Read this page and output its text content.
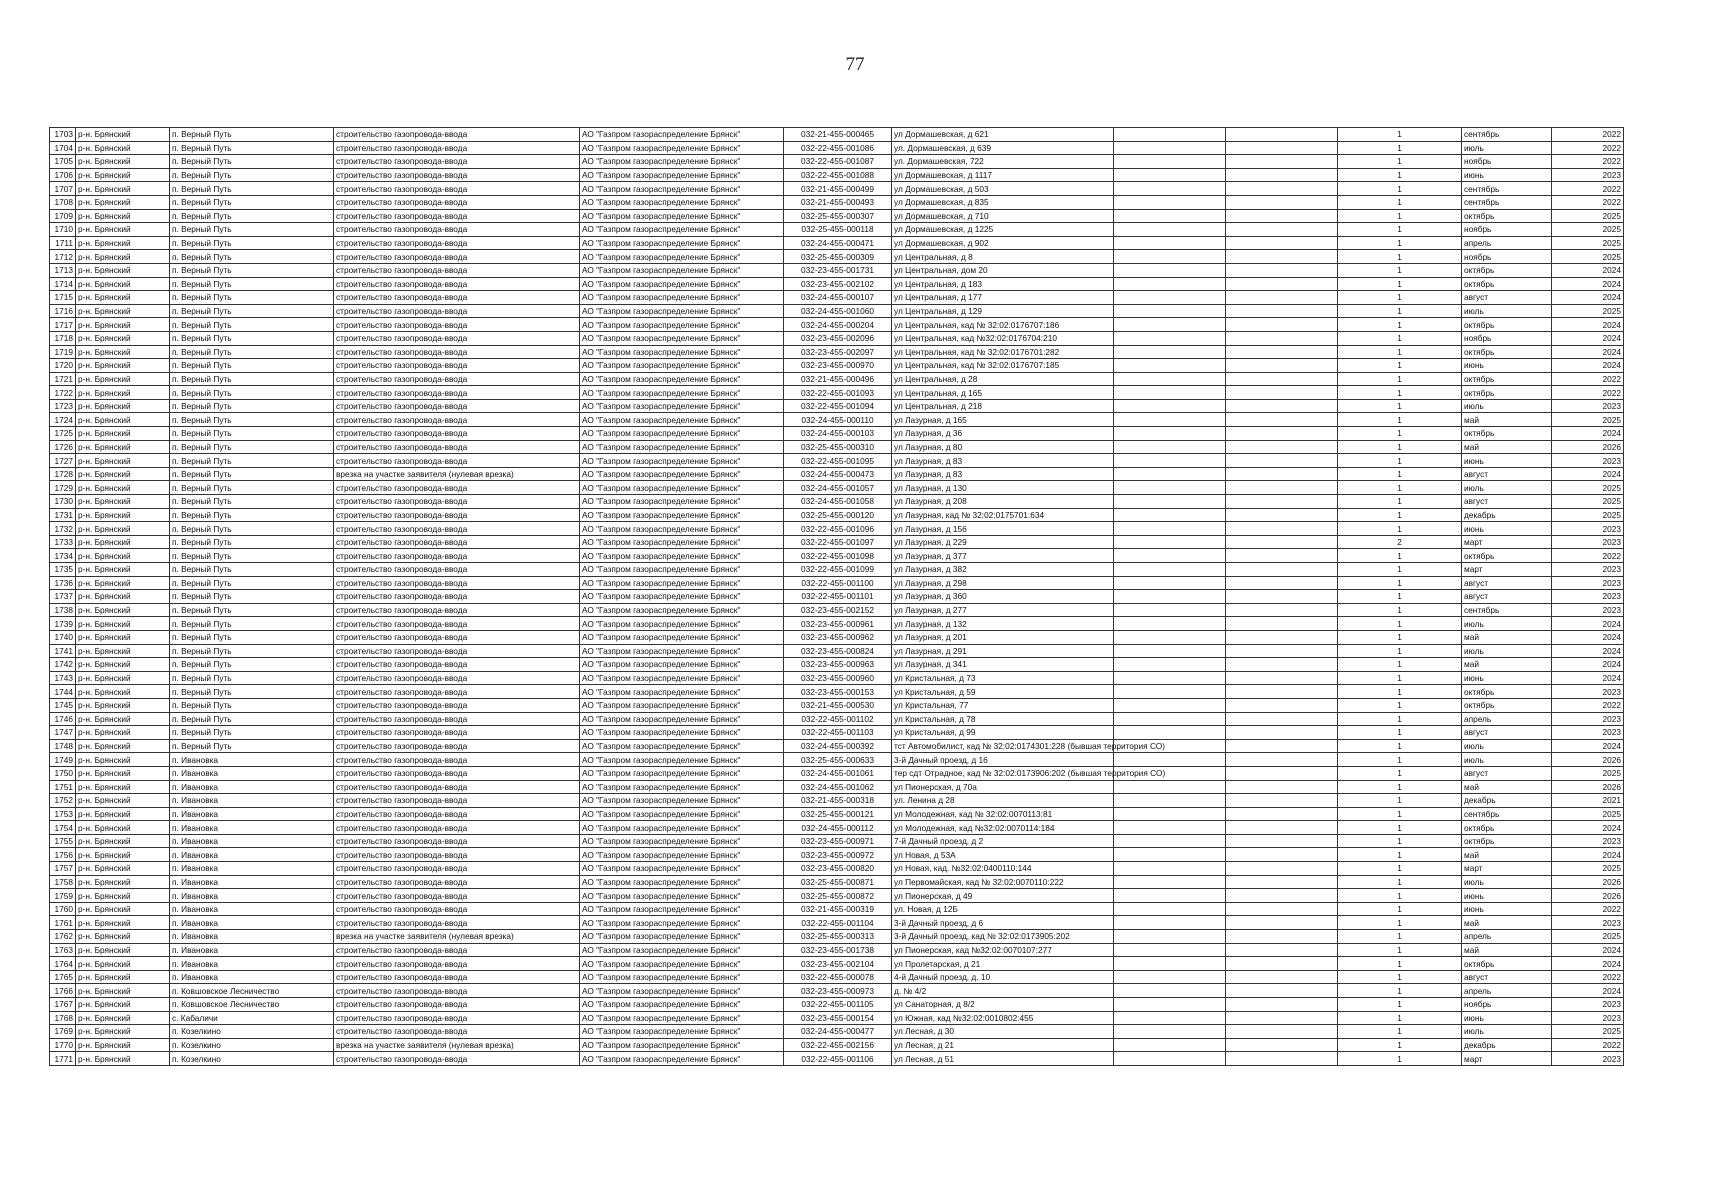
77
1703	р-н. Брянский	п. Верный Путь	строительство газопровода-ввода	АО "Газпром газораспределение Брянск"	032-21-455-000465	ул Дормашевская, д 621			1	сентябрь	2022
1704	р-н. Брянский	п. Верный Путь	строительство газопровода-ввода	АО "Газпром газораспределение Брянск"	032-22-455-001086	ул. Дормашевская, д 639			1	июль	2022
1705	р-н. Брянский	п. Верный Путь	строительство газопровода-ввода	АО "Газпром газораспределение Брянск"	032-22-455-001087	ул. Дормашевская, 722			1	ноябрь	2022
1706	р-н. Брянский	п. Верный Путь	строительство газопровода-ввода	АО "Газпром газораспределение Брянск"	032-22-455-001088	ул Дормашевская, д 1117			1	июнь	2023
1707	р-н. Брянский	п. Верный Путь	строительство газопровода-ввода	АО "Газпром газораспределение Брянск"	032-21-455-000499	ул Дормашевская, д 503			1	сентябрь	2022
1708	р-н. Брянский	п. Верный Путь	строительство газопровода-ввода	АО "Газпром газораспределение Брянск"	032-21-455-000493	ул Дормашевская, д 835			1	сентябрь	2022
1709	р-н. Брянский	п. Верный Путь	строительство газопровода-ввода	АО "Газпром газораспределение Брянск"	032-25-455-000307	ул Дормашевская, д 710			1	октябрь	2025
1710	р-н. Брянский	п. Верный Путь	строительство газопровода-ввода	АО "Газпром газораспределение Брянск"	032-25-455-000118	ул Дормашевская, д 1225			1	ноябрь	2025
1711	р-н. Брянский	п. Верный Путь	строительство газопровода-ввода	АО "Газпром газораспределение Брянск"	032-24-455-000471	ул Дормашевская, д 902			1	апрель	2025
1712	р-н. Брянский	п. Верный Путь	строительство газопровода-ввода	АО "Газпром газораспределение Брянск"	032-25-455-000309	ул Центральная, д 8			1	ноябрь	2025
1713	р-н. Брянский	п. Верный Путь	строительство газопровода-ввода	АО "Газпром газораспределение Брянск"	032-23-455-001731	ул Центральная, дом 20			1	октябрь	2024
1714	р-н. Брянский	п. Верный Путь	строительство газопровода-ввода	АО "Газпром газораспределение Брянск"	032-23-455-002102	ул Центральная, д 183			1	октябрь	2024
1715	р-н. Брянский	п. Верный Путь	строительство газопровода-ввода	АО "Газпром газораспределение Брянск"	032-24-455-000107	ул Центральная, д 177			1	август	2024
1716	р-н. Брянский	п. Верный Путь	строительство газопровода-ввода	АО "Газпром газораспределение Брянск"	032-24-455-001060	ул Центральная, д 129			1	июль	2025
1717	р-н. Брянский	п. Верный Путь	строительство газопровода-ввода	АО "Газпром газораспределение Брянск"	032-24-455-000204	ул Центральная, кад № 32:02:0176707:186			1	октябрь	2024
1718	р-н. Брянский	п. Верный Путь	строительство газопровода-ввода	АО "Газпром газораспределение Брянск"	032-23-455-002096	ул Центральная, кад №32:02:0176704:210			1	ноябрь	2024
1719	р-н. Брянский	п. Верный Путь	строительство газопровода-ввода	АО "Газпром газораспределение Брянск"	032-23-455-002097	ул Центральная, кад № 32:02:0176701:282			1	октябрь	2024
1720	р-н. Брянский	п. Верный Путь	строительство газопровода-ввода	АО "Газпром газораспределение Брянск"	032-23-455-000970	ул Центральная, кад № 32:02:0176707:185			1	июнь	2024
1721	р-н. Брянский	п. Верный Путь	строительство газопровода-ввода	АО "Газпром газораспределение Брянск"	032-21-455-000496	ул Центральная, д 28			1	октябрь	2022
1722	р-н. Брянский	п. Верный Путь	строительство газопровода-ввода	АО "Газпром газораспределение Брянск"	032-22-455-001093	ул Центральная, д 165			1	октябрь	2022
1723	р-н. Брянский	п. Верный Путь	строительство газопровода-ввода	АО "Газпром газораспределение Брянск"	032-22-455-001094	ул Центральная, д 218			1	июль	2023
1724	р-н. Брянский	п. Верный Путь	строительство газопровода-ввода	АО "Газпром газораспределение Брянск"	032-24-455-000110	ул Лазурная, д 165			1	май	2025
1725	р-н. Брянский	п. Верный Путь	строительство газопровода-ввода	АО "Газпром газораспределение Брянск"	032-24-455-000103	ул Лазурная, д 36			1	октябрь	2024
1726	р-н. Брянский	п. Верный Путь	строительство газопровода-ввода	АО "Газпром газораспределение Брянск"	032-25-455-000310	ул Лазурная, д 80			1	май	2026
1727	р-н. Брянский	п. Верный Путь	строительство газопровода-ввода	АО "Газпром газораспределение Брянск"	032-22-455-001095	ул Лазурная, д 83			1	июнь	2023
1728	р-н. Брянский	п. Верный Путь	врезка на участке заявителя (нулевая врезка)	АО "Газпром газораспределение Брянск"	032-24-455-000473	ул Лазурная, д 83			1	август	2024
1729	р-н. Брянский	п. Верный Путь	строительство газопровода-ввода	АО "Газпром газораспределение Брянск"	032-24-455-001057	ул Лазурная, д 130			1	июль	2025
1730	р-н. Брянский	п. Верный Путь	строительство газопровода-ввода	АО "Газпром газораспределение Брянск"	032-24-455-001058	ул Лазурная, д 208			1	август	2025
1731	р-н. Брянский	п. Верный Путь	строительство газопровода-ввода	АО "Газпром газораспределение Брянск"	032-25-455-000120	ул Лазурная, кад № 32:02:0175701:634			1	декабрь	2025
1732	р-н. Брянский	п. Верный Путь	строительство газопровода-ввода	АО "Газпром газораспределение Брянск"	032-22-455-001096	ул Лазурная, д 156			1	июнь	2023
1733	р-н. Брянский	п. Верный Путь	строительство газопровода-ввода	АО "Газпром газораспределение Брянск"	032-22-455-001097	ул Лазурная, д 229			2	март	2023
1734	р-н. Брянский	п. Верный Путь	строительство газопровода-ввода	АО "Газпром газораспределение Брянск"	032-22-455-001098	ул Лазурная, д 377			1	октябрь	2022
1735	р-н. Брянский	п. Верный Путь	строительство газопровода-ввода	АО "Газпром газораспределение Брянск"	032-22-455-001099	ул Лазурная, д 382			1	март	2023
1736	р-н. Брянский	п. Верный Путь	строительство газопровода-ввода	АО "Газпром газораспределение Брянск"	032-22-455-001100	ул Лазурная, д 298			1	август	2023
1737	р-н. Брянский	п. Верный Путь	строительство газопровода-ввода	АО "Газпром газораспределение Брянск"	032-22-455-001101	ул Лазурная, д 360			1	август	2023
1738	р-н. Брянский	п. Верный Путь	строительство газопровода-ввода	АО "Газпром газораспределение Брянск"	032-23-455-002152	ул Лазурная, д 277			1	сентябрь	2023
1739	р-н. Брянский	п. Верный Путь	строительство газопровода-ввода	АО "Газпром газораспределение Брянск"	032-23-455-000961	ул Лазурная, д 132			1	июль	2024
1740	р-н. Брянский	п. Верный Путь	строительство газопровода-ввода	АО "Газпром газораспределение Брянск"	032-23-455-000962	ул Лазурная, д 201			1	май	2024
1741	р-н. Брянский	п. Верный Путь	строительство газопровода-ввода	АО "Газпром газораспределение Брянск"	032-23-455-000824	ул Лазурная, д 291			1	июль	2024
1742	р-н. Брянский	п. Верный Путь	строительство газопровода-ввода	АО "Газпром газораспределение Брянск"	032-23-455-000963	ул Лазурная, д 341			1	май	2024
1743	р-н. Брянский	п. Верный Путь	строительство газопровода-ввода	АО "Газпром газораспределение Брянск"	032-23-455-000960	ул Кристальная, д 73			1	июнь	2024
1744	р-н. Брянский	п. Верный Путь	строительство газопровода-ввода	АО "Газпром газораспределение Брянск"	032-23-455-000153	ул Кристальная, д 59			1	октябрь	2023
1745	р-н. Брянский	п. Верный Путь	строительство газопровода-ввода	АО "Газпром газораспределение Брянск"	032-21-455-000530	ул Кристальная, 77			1	октябрь	2022
1746	р-н. Брянский	п. Верный Путь	строительство газопровода-ввода	АО "Газпром газораспределение Брянск"	032-22-455-001102	ул Кристальная, д 78			1	апрель	2023
1747	р-н. Брянский	п. Верный Путь	строительство газопровода-ввода	АО "Газпром газораспределение Брянск"	032-22-455-001103	ул Кристальная, д 99			1	август	2023
1748	р-н. Брянский	п. Верный Путь	строительство газопровода-ввода	АО "Газпром газораспределение Брянск"	032-24-455-000392	тст Автомобилист, кад № 32:02:0174301:228 (бывшая территория СО)			1	июль	2024
1749	р-н. Брянский	п. Ивановка	строительство газопровода-ввода	АО "Газпром газораспределение Брянск"	032-25-455-000633	3-й Дачный проезд, д 16			1	июль	2026
1750	р-н. Брянский	п. Ивановка	строительство газопровода-ввода	АО "Газпром газораспределение Брянск"	032-24-455-001061	тер сдт Отрадное, кад № 32:02:0173906:202 (бывшая территория СО)			1	август	2025
1751	р-н. Брянский	п. Ивановка	строительство газопровода-ввода	АО "Газпром газораспределение Брянск"	032-24-455-001062	ул Пионерская, д 70а			1	май	2026
1752	р-н. Брянский	п. Ивановка	строительство газопровода-ввода	АО "Газпром газораспределение Брянск"	032-21-455-000318	ул. Ленина д 28			1	декабрь	2021
1753	р-н. Брянский	п. Ивановка	строительство газопровода-ввода	АО "Газпром газораспределение Брянск"	032-25-455-000121	ул Молодежная, кад № 32:02:0070113:81			1	сентябрь	2025
1754	р-н. Брянский	п. Ивановка	строительство газопровода-ввода	АО "Газпром газораспределение Брянск"	032-24-455-000112	ул Молодежная, кад №32:02:0070114:184			1	октябрь	2024
1755	р-н. Брянский	п. Ивановка	строительство газопровода-ввода	АО "Газпром газораспределение Брянск"	032-23-455-000971	7-й Дачный проезд, д 2			1	октябрь	2023
1756	р-н. Брянский	п. Ивановка	строительство газопровода-ввода	АО "Газпром газораспределение Брянск"	032-23-455-000972	ул Новая, д 53А			1	май	2024
1757	р-н. Брянский	п. Ивановка	строительство газопровода-ввода	АО "Газпром газораспределение Брянск"	032-23-455-000820	ул Новая, кад. №32:02:0400110:144			1	март	2025
1758	р-н. Брянский	п. Ивановка	строительство газопровода-ввода	АО "Газпром газораспределение Брянск"	032-25-455-000871	ул Первомайская, кад № 32:02:0070110:222			1	июль	2026
1759	р-н. Брянский	п. Ивановка	строительство газопровода-ввода	АО "Газпром газораспределение Брянск"	032-25-455-000872	ул Пионерская, д 49			1	июнь	2026
1760	р-н. Брянский	п. Ивановка	строительство газопровода-ввода	АО "Газпром газораспределение Брянск"	032-21-455-000319	ул. Новая, д 12Б			1	июнь	2022
1761	р-н. Брянский	п. Ивановка	строительство газопровода-ввода	АО "Газпром газораспределение Брянск"	032-22-455-001104	3-й Дачный проезд, д 6			1	май	2023
1762	р-н. Брянский	п. Ивановка	врезка на участке заявителя (нулевая врезка)	АО "Газпром газораспределение Брянск"	032-25-455-000313	3-й Дачный проезд, кад № 32:02:0173905:202			1	апрель	2025
1763	р-н. Брянский	п. Ивановка	строительство газопровода-ввода	АО "Газпром газораспределение Брянск"	032-23-455-001738	ул Пионерская, кад №32:02:0070107:277			1	май	2024
1764	р-н. Брянский	п. Ивановка	строительство газопровода-ввода	АО "Газпром газораспределение Брянск"	032-23-455-002104	ул Пролетарская, д 21			1	октябрь	2024
1765	р-н. Брянский	п. Ивановка	строительство газопровода-ввода	АО "Газпром газораспределение Брянск"	032-22-455-000078	4-й Дачный проезд, д. 10			1	август	2022
1766	р-н. Брянский	п. Ковшовское Лесничество	строительство газопровода-ввода	АО "Газпром газораспределение Брянск"	032-23-455-000973	д. № 4/2			1	апрель	2024
1767	р-н. Брянский	п. Ковшовское Лесничество	строительство газопровода-ввода	АО "Газпром газораспределение Брянск"	032-22-455-001105	ул Санаторная, д 8/2			1	ноябрь	2023
1768	р-н. Брянский	с. Кабаличи	строительство газопровода-ввода	АО "Газпром газораспределение Брянск"	032-23-455-000154	ул Южная, кад №32:02:0010802:455			1	июнь	2023
1769	р-н. Брянский	п. Козелкино	строительство газопровода-ввода	АО "Газпром газораспределение Брянск"	032-24-455-000477	ул Лесная, д 30			1	июль	2025
1770	р-н. Брянский	п. Козелкино	врезка на участке заявителя (нулевая врезка)	АО "Газпром газораспределение Брянск"	032-22-455-002156	ул Лесная, д 21			1	декабрь	2022
1771	р-н. Брянский	п. Козелкино	строительство газопровода-ввода	АО "Газпром газораспределение Брянск"	032-22-455-001106	ул Лесная, д 51			1	март	2023
